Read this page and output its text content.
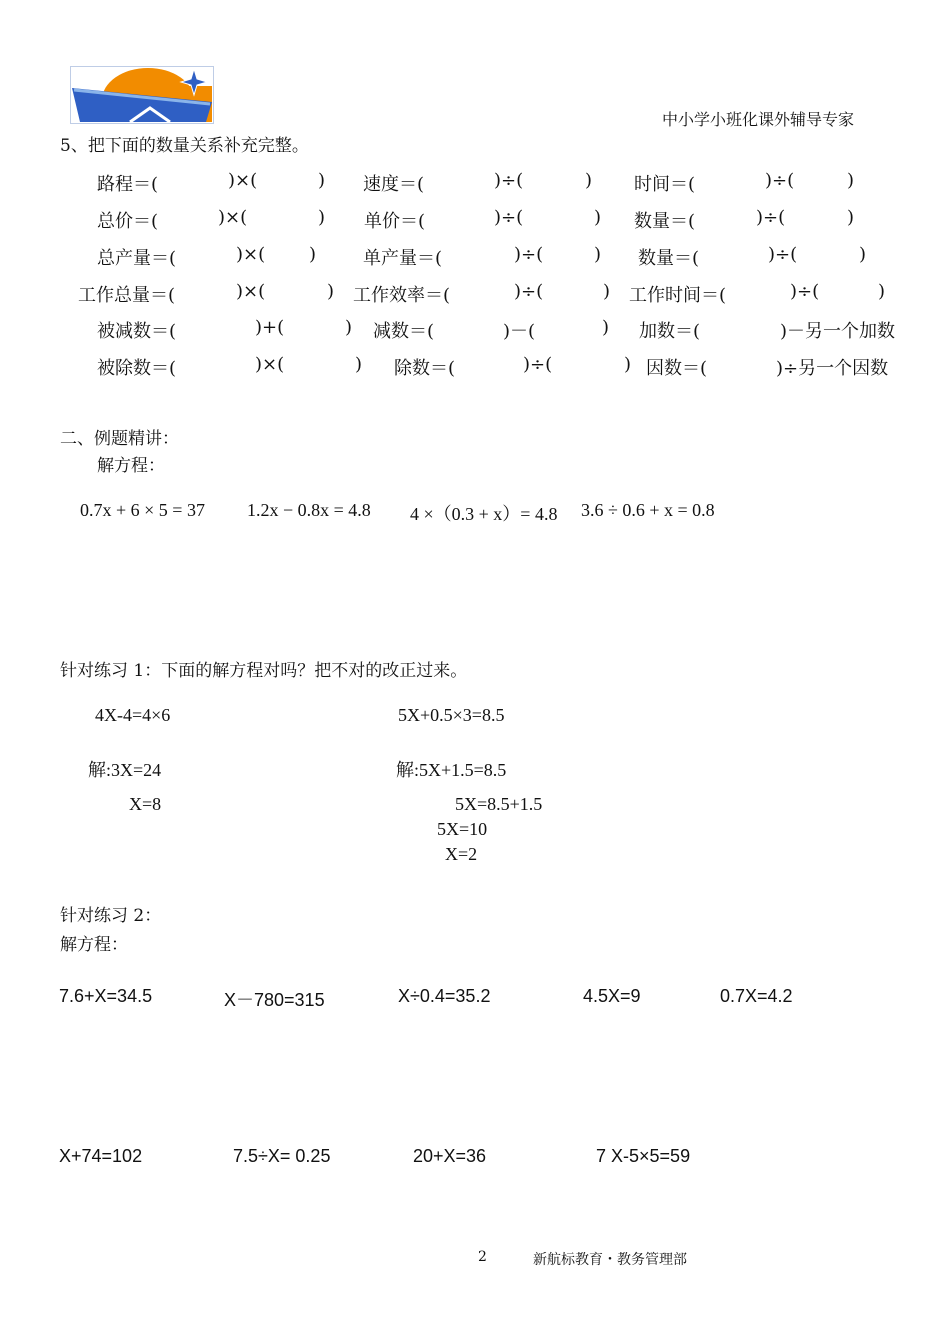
中小学小班化课外辅导专家
5、把下面的数量关系补充完整。
路程＝(	)×(	) 速度＝(	)÷(	) 时间＝(	)÷(	)
总价＝(	)×(	) 单价＝(	)÷(	) 数量＝(	)÷(	)
总产量＝(	)×( )	单产量＝(	)÷(	) 数量＝(	)÷(	)
工作总量＝(	)×(	) 工作效率＝(	)÷(	) 工作时间＝(	)÷(	)
被减数＝(	)+(	) 减数＝(	)－(	) 加数＝(	)－另一个加数
被除数＝(	)×(	) 除数＝(	)÷(	) 因数＝(	)÷另一个因数
二、例题精讲：
解方程：
0.7x + 6 × 5 = 37 1.2x − 0.8x = 4.8 4 ×（0.3 + x）= 4.8 3.6 ÷ 0.6 + x = 0.8
针对练习 1：下面的解方程对吗？把不对的改正过来。
4X-4=4×6
解:3X=24
X=8
5X+0.5×3=8.5
解:5X+1.5=8.5
5X=8.5+1.5
5X=10
X=2
针对练习 2：
解方程：
7.6+X=34.5	X－780=315	X÷0.4=35.2	4.5X=9	0.7X=4.2
X+74=102	7.5÷X= 0.25	20+X=36	7 X-5×5=59
2	新航标教育・教务管理部
